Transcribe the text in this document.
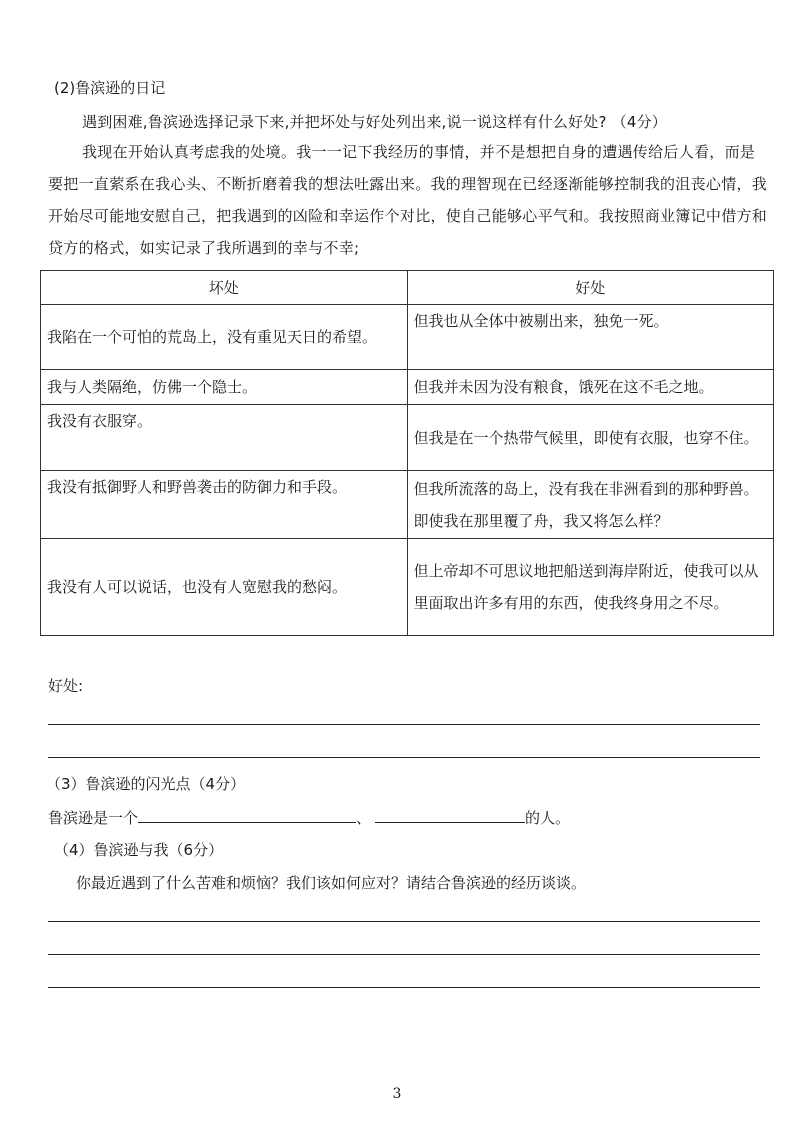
(2)鲁滨逊的日记
遇到困难,鲁滨逊选择记录下来,并把坏处与好处列出来,说一说这样有什么好处? （4分）
我现在开始认真考虑我的处境。我一一记下我经历的事情，并不是想把自身的遭遇传给后人看，而是要把一直萦系在我心头、不断折磨着我的想法吐露出来。我的理智现在已经逐渐能够控制我的沮丧心情，我开始尽可能地安慰自己，把我遇到的凶险和幸运作个对比，使自己能够心平气和。我按照商业簿记中借方和贷方的格式，如实记录了我所遇到的幸与不幸;
坏处	好处
我陷在一个可怕的荒岛上，没有重见天日的希望。	但我也从全体中被剔出来，独免一死。
我与人类隔绝，仿佛一个隐士。	但我并未因为没有粮食，饿死在这不毛之地。
我没有衣服穿。	但我是在一个热带气候里，即使有衣服，也穿不住。
我没有抵御野人和野兽袭击的防御力和手段。	但我所流落的岛上，没有我在非洲看到的那种野兽。即使我在那里覆了舟，我又将怎么样？
我没有人可以说话，也没有人宽慰我的愁闷。	但上帝却不可思议地把船送到海岸附近，使我可以从里面取出许多有用的东西，使我终身用之不尽。
好处:
（3）鲁滨逊的闪光点（4分）
鲁滨逊是一个	、	的人。
（4）鲁滨逊与我（6分）
你最近遇到了什么苦难和烦恼？我们该如何应对？请结合鲁滨逊的经历谈谈。
3
